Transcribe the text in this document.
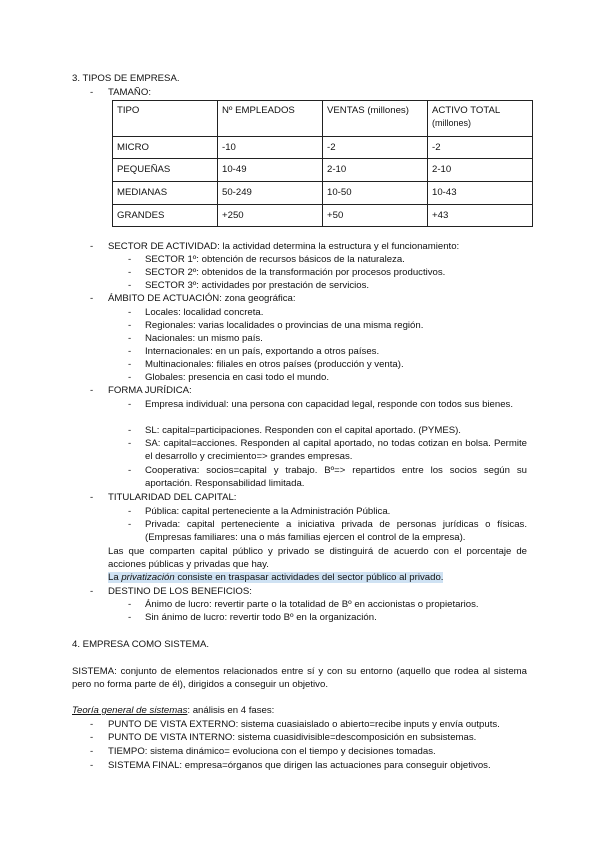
3. TIPOS DE EMPRESA.
- TAMAÑO:
TIPO	Nº EMPLEADOS	VENTAS (millones)	ACTIVO TOTAL
(millones)

MICRO	-10	-2	-2
PEQUEÑAS	10-49	2-10	2-10
MEDIANAS	50-249	10-50	10-43
GRANDES	+250	+50	+43
- SECTOR DE ACTIVIDAD: la actividad determina la estructura y el funcionamiento:
- SECTOR 1º: obtención de recursos básicos de la naturaleza.
- SECTOR 2º: obtenidos de la transformación por procesos productivos.
- SECTOR 3º: actividades por prestación de servicios.
- ÁMBITO DE ACTUACIÓN: zona geográfica:
- Locales: localidad concreta.
- Regionales: varias localidades o provincias de una misma región.
- Nacionales: un mismo país.
- Internacionales: en un país, exportando a otros países.
- Multinacionales: filiales en otros países (producción y venta).
- Globales: presencia en casi todo el mundo.
- FORMA JURÍDICA:
- Empresa individual: una persona con capacidad legal, responde con todos sus bienes.
- SL: capital=participaciones. Responden con el capital aportado. (PYMES).
- SA: capital=acciones. Responden al capital aportado, no todas cotizan en bolsa. Permite el desarrollo y crecimiento=> grandes empresas.
- Cooperativa: socios=capital y trabajo. Bº=> repartidos entre los socios según su aportación. Responsabilidad limitada.
- TITULARIDAD DEL CAPITAL:
- Pública: capital perteneciente a la Administración Pública.
- Privada: capital perteneciente a iniciativa privada de personas jurídicas o físicas. (Empresas familiares: una o más familias ejercen el control de la empresa).
Las que comparten capital público y privado se distinguirá de acuerdo con el porcentaje de acciones públicas y privadas que hay.
La privatización consiste en traspasar actividades del sector público al privado.
- DESTINO DE LOS BENEFICIOS:
- Ánimo de lucro: revertir parte o la totalidad de Bº en accionistas o propietarios.
- Sin ánimo de lucro: revertir todo Bº en la organización.
4. EMPRESA COMO SISTEMA.
SISTEMA: conjunto de elementos relacionados entre sí y con su entorno (aquello que rodea al sistema pero no forma parte de él), dirigidos a conseguir un objetivo.
Teoría general de sistemas: análisis en 4 fases:
- PUNTO DE VISTA EXTERNO: sistema cuasiaislado o abierto=recibe inputs y envía outputs.
- PUNTO DE VISTA INTERNO: sistema cuasidivisible=descomposición en subsistemas.
- TIEMPO: sistema dinámico= evoluciona con el tiempo y decisiones tomadas.
- SISTEMA FINAL: empresa=órganos que dirigen las actuaciones para conseguir objetivos.
